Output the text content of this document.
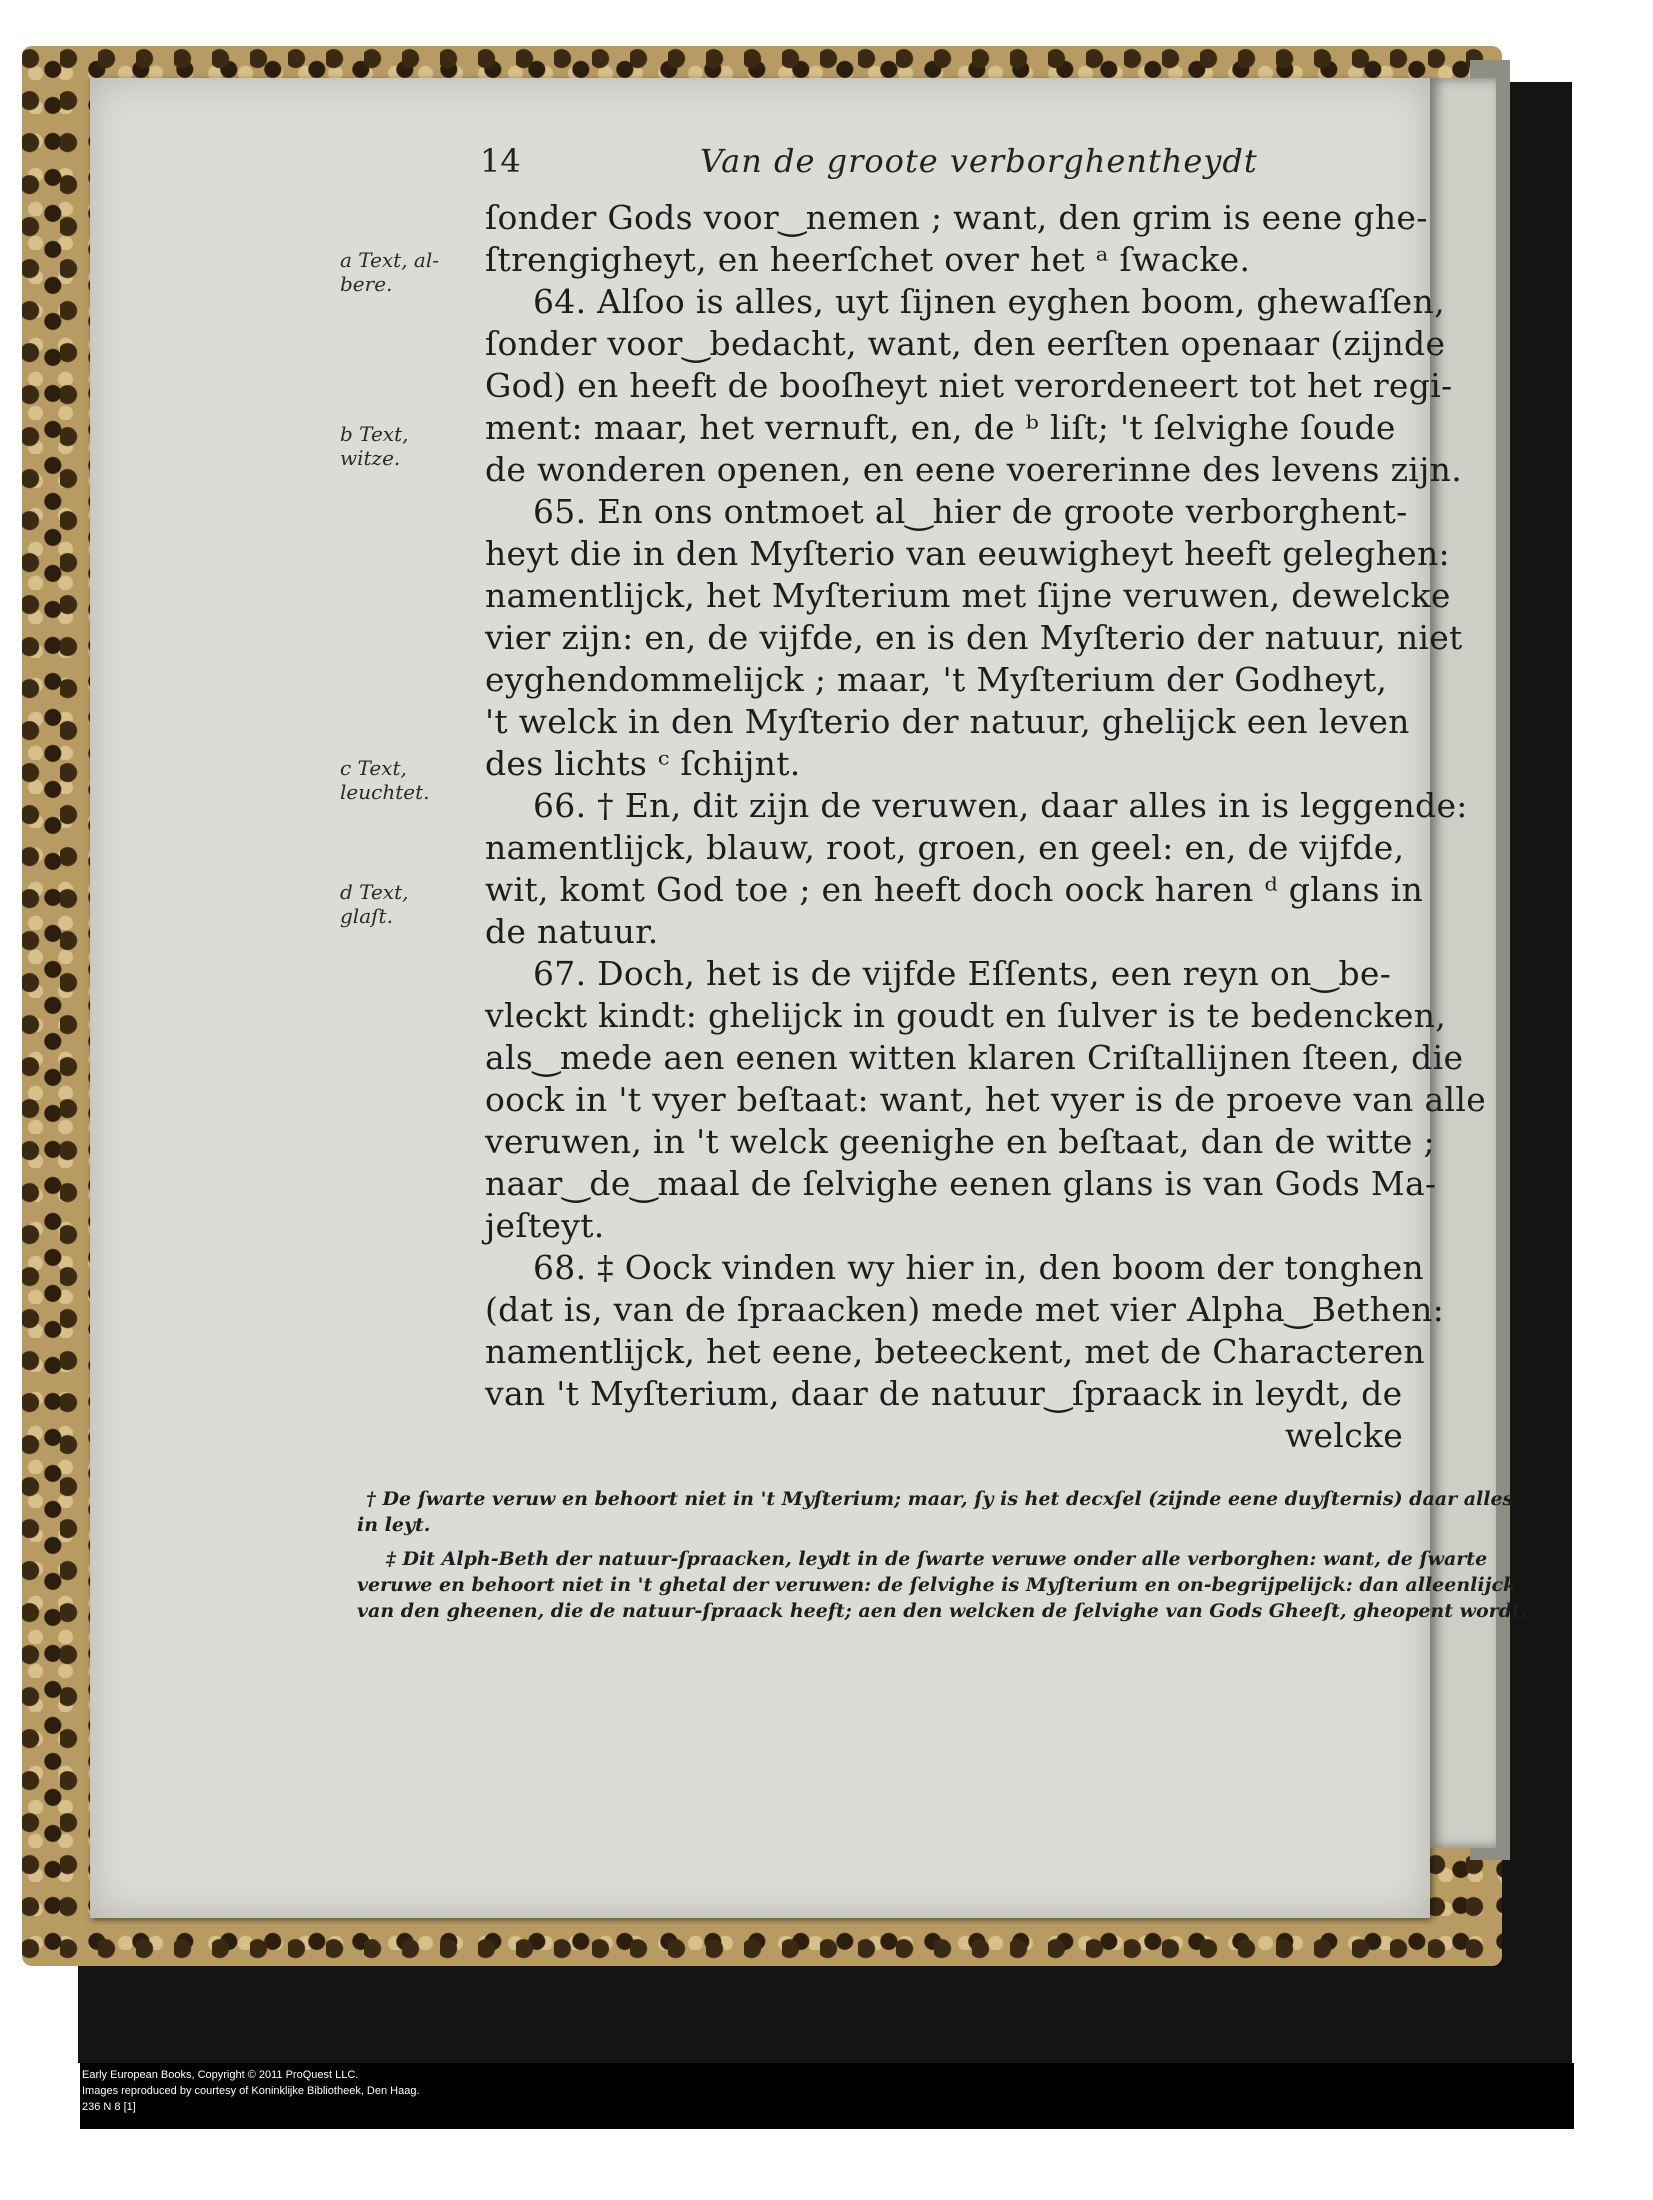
14	Van de groote verborghentheydt
ſonder Gods voor‿nemen ; want, den grim is eene ghe-
ſtrengigheyt, en heerſchet over het ᵃ ſwacke.
64. Alſoo is alles, uyt ſijnen eyghen boom, ghewaſſen,
ſonder voor‿bedacht, want, den eerſten openaar (zijnde
God) en heeft de booſheyt niet verordeneert tot het regi-
ment: maar, het vernuft, en, de ᵇ liſt; 't ſelvighe ſoude
de wonderen openen, en eene voererinne des levens zijn.
65. En ons ontmoet al‿hier de groote verborghent-
heyt die in den Myſterio van eeuwigheyt heeft geleghen:
namentlijck, het Myſterium met ſijne veruwen, dewelcke
vier zijn: en, de vijfde, en is den Myſterio der natuur, niet
eyghendommelijck ; maar, 't Myſterium der Godheyt,
't welck in den Myſterio der natuur, ghelijck een leven
des lichts ᶜ ſchijnt.
66. † En, dit zijn de veruwen, daar alles in is leggende:
namentlijck, blauw, root, groen, en geel: en, de vijfde,
wit, komt God toe ; en heeft doch oock haren ᵈ glans in
de natuur.
67. Doch, het is de vijfde Eſſents, een reyn on‿be-
vleckt kindt: ghelijck in goudt en ſulver is te bedencken,
als‿mede aen eenen witten klaren Criſtallijnen ſteen, die
oock in 't vyer beſtaat: want, het vyer is de proeve van alle
veruwen, in 't welck geenighe en beſtaat, dan de witte ;
naar‿de‿maal de ſelvighe eenen glans is van Gods Ma-
jeſteyt.
68. ‡ Oock vinden wy hier in, den boom der tonghen
(dat is, van de ſpraacken) mede met vier Alpha‿Bethen:
namentlijck, het eene, beteeckent, met de Characteren
van 't Myſterium, daar de natuur‿ſpraack in leydt, de
welcke
a Text, al-
bere.
b Text,
witze.
c Text,
leuchtet.
d Text,
glaſt.
† De ſwarte veruw en behoort niet in 't Myſterium; maar, ſy is het decxſel (zijnde eene duyſternis) daar alles
in leyt.
‡ Dit Alph-Beth der natuur-ſpraacken, leydt in de ſwarte veruwe onder alle verborghen: want, de ſwarte
veruwe en behoort niet in 't ghetal der veruwen: de ſelvighe is Myſterium en on-begrijpelijck: dan alleenlijck
van den gheenen, die de natuur-ſpraack heeft; aen den welcken de ſelvighe van Gods Gheeſt, gheopent wordt.
Early European Books, Copyright © 2011 ProQuest LLC.
Images reproduced by courtesy of Koninklijke Bibliotheek, Den Haag.
236 N 8 [1]
